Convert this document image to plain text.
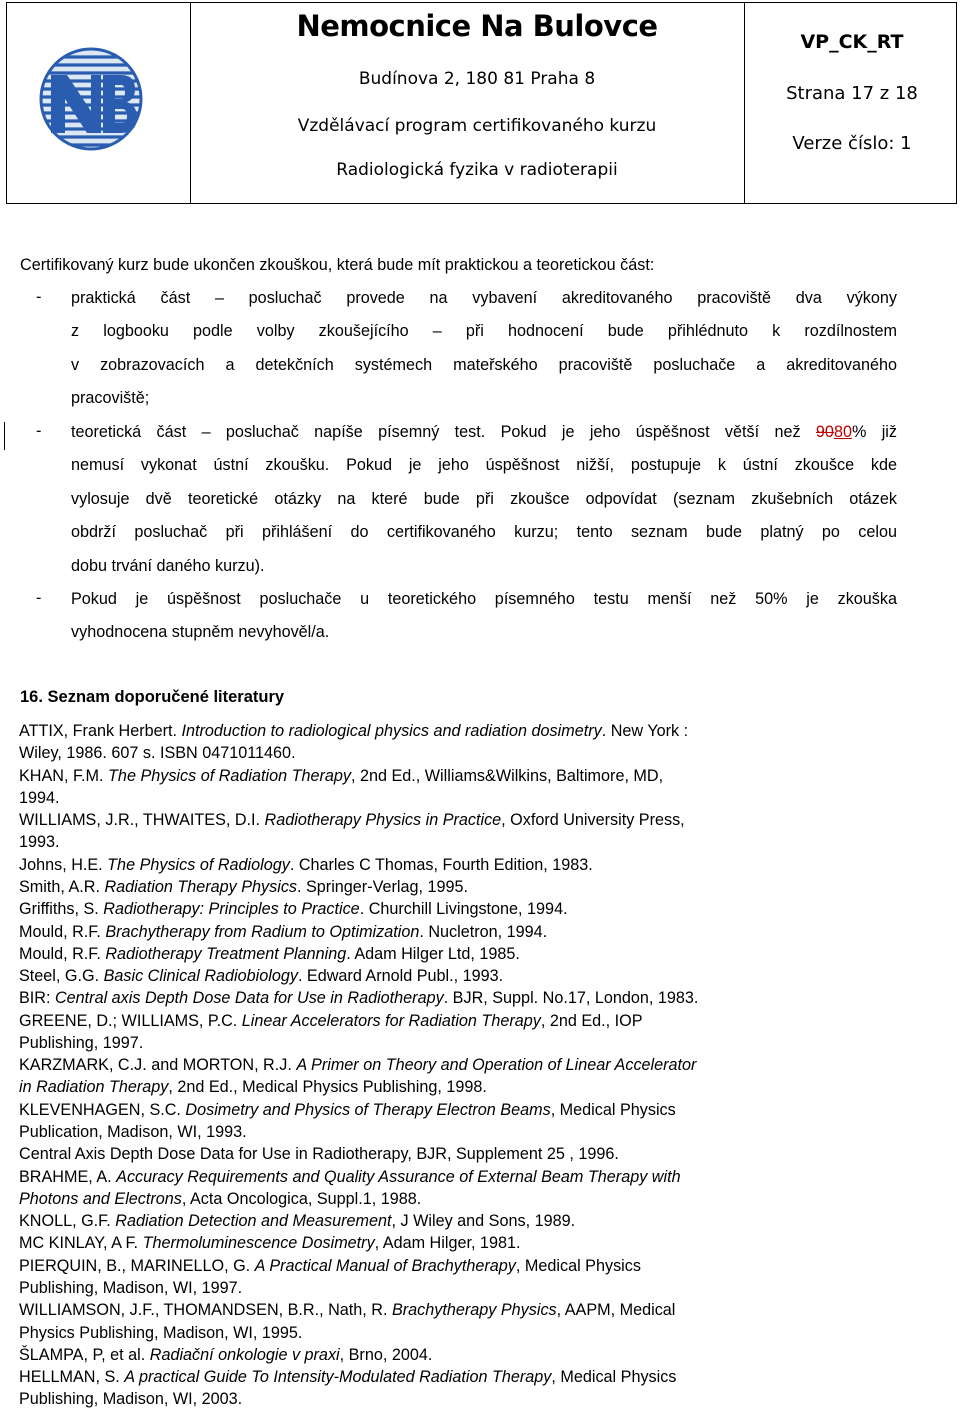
Nemocnice Na Bulovce
Budínova 2, 180 81 Praha 8
Vzdělávací program certifikovaného kurzu
Radiologická fyzika v radioterapii
VP_CK_RT
Strana 17 z 18
Verze číslo: 1
Certifikovaný kurz bude ukončen zkouškou, která bude mít praktickou a teoretickou část:
- praktická část – posluchač provede na vybavení akreditovaného pracoviště dva výkony
z logbooku podle volby zkoušejícího – při hodnocení bude přihlédnuto k rozdílnostem
v zobrazovacích a detekčních systémech mateřského pracoviště posluchače a akreditovaného
pracoviště;
- teoretická část – posluchač napíše písemný test. Pokud je jeho úspěšnost větší než 9080% již
nemusí vykonat ústní zkoušku. Pokud je jeho úspěšnost nižší, postupuje k ústní zkoušce kde
vylosuje dvě teoretické otázky na které bude při zkoušce odpovídat (seznam zkušebních otázek
obdrží posluchač při přihlášení do certifikovaného kurzu; tento seznam bude platný po celou
dobu trvání daného kurzu).
- Pokud je úspěšnost posluchače u teoretického písemného testu menší než 50% je zkouška
vyhodnocena stupněm nevyhověl/a.
16. Seznam doporučené literatury
ATTIX, Frank Herbert. Introduction to radiological physics and radiation dosimetry. New York :
Wiley, 1986. 607 s. ISBN 0471011460.
KHAN, F.M. The Physics of Radiation Therapy, 2nd Ed., Williams&Wilkins, Baltimore, MD,
1994.
WILLIAMS, J.R., THWAITES, D.I. Radiotherapy Physics in Practice, Oxford University Press,
1993.
Johns, H.E. The Physics of Radiology. Charles C Thomas, Fourth Edition, 1983.
Smith, A.R. Radiation Therapy Physics. Springer-Verlag, 1995.
Griffiths, S. Radiotherapy: Principles to Practice. Churchill Livingstone, 1994.
Mould, R.F. Brachytherapy from Radium to Optimization. Nucletron, 1994.
Mould, R.F. Radiotherapy Treatment Planning. Adam Hilger Ltd, 1985.
Steel, G.G. Basic Clinical Radiobiology. Edward Arnold Publ., 1993.
BIR: Central axis Depth Dose Data for Use in Radiotherapy. BJR, Suppl. No.17, London, 1983.
GREENE, D.; WILLIAMS, P.C. Linear Accelerators for Radiation Therapy, 2nd Ed., IOP
Publishing, 1997.
KARZMARK, C.J. and MORTON, R.J. A Primer on Theory and Operation of Linear Accelerator
in Radiation Therapy, 2nd Ed., Medical Physics Publishing, 1998.
KLEVENHAGEN, S.C. Dosimetry and Physics of Therapy Electron Beams, Medical Physics
Publication, Madison, WI, 1993.
Central Axis Depth Dose Data for Use in Radiotherapy, BJR, Supplement 25 , 1996.
BRAHME, A. Accuracy Requirements and Quality Assurance of External Beam Therapy with
Photons and Electrons, Acta Oncologica, Suppl.1, 1988.
KNOLL, G.F. Radiation Detection and Measurement, J Wiley and Sons, 1989.
MC KINLAY, A F. Thermoluminescence Dosimetry, Adam Hilger, 1981.
PIERQUIN, B., MARINELLO, G. A Practical Manual of Brachytherapy, Medical Physics
Publishing, Madison, WI, 1997.
WILLIAMSON, J.F., THOMANDSEN, B.R., Nath, R. Brachytherapy Physics, AAPM, Medical
Physics Publishing, Madison, WI, 1995.
ŠLAMPA, P, et al. Radiační onkologie v praxi, Brno, 2004.
HELLMAN, S. A practical Guide To Intensity-Modulated Radiation Therapy, Medical Physics
Publishing, Madison, WI, 2003.
